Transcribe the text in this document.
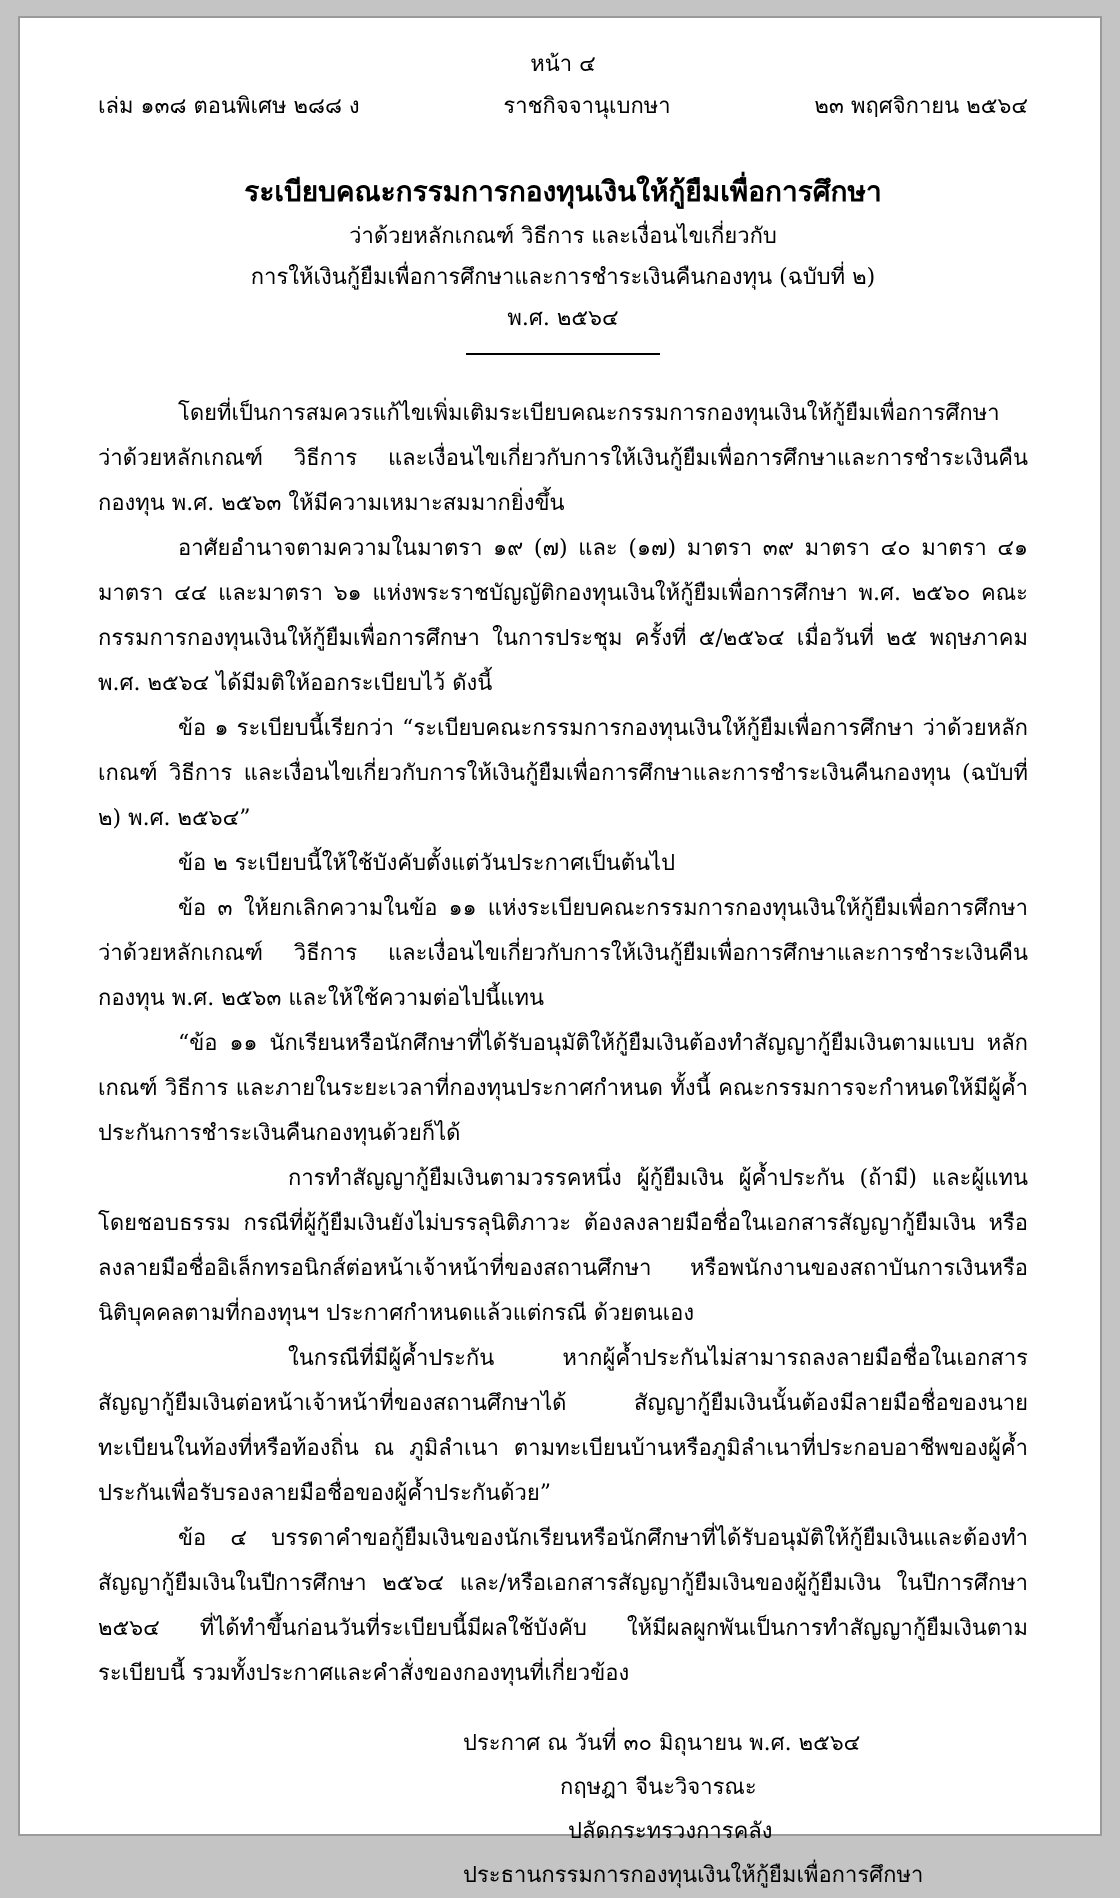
หน้า ๔
เล่ม ๑๓๘ ตอนพิเศษ ๒๘๘ ง	ราชกิจจานุเบกษา	๒๓ พฤศจิกายน ๒๕๖๔
ระเบียบคณะกรรมการกองทุนเงินให้กู้ยืมเพื่อการศึกษา
ว่าด้วยหลักเกณฑ์ วิธีการ และเงื่อนไขเกี่ยวกับ
การให้เงินกู้ยืมเพื่อการศึกษาและการชำระเงินคืนกองทุน (ฉบับที่ ๒)
พ.ศ. ๒๕๖๔

โดยที่เป็นการสมควรแก้ไขเพิ่มเติมระเบียบคณะกรรมการกองทุนเงินให้กู้ยืมเพื่อการศึกษา ว่าด้วยหลักเกณฑ์ วิธีการ และเงื่อนไขเกี่ยวกับการให้เงินกู้ยืมเพื่อการศึกษาและการชำระเงินคืนกองทุน พ.ศ. ๒๕๖๓ ให้มีความเหมาะสมมากยิ่งขึ้น

อาศัยอำนาจตามความในมาตรา ๑๙ (๗) และ (๑๗) มาตรา ๓๙ มาตรา ๔๐ มาตรา ๔๑ มาตรา ๔๔ และมาตรา ๖๑ แห่งพระราชบัญญัติกองทุนเงินให้กู้ยืมเพื่อการศึกษา พ.ศ. ๒๕๖๐ คณะกรรมการกองทุนเงินให้กู้ยืมเพื่อการศึกษา ในการประชุม ครั้งที่ ๕/๒๕๖๔ เมื่อวันที่ ๒๕ พฤษภาคม พ.ศ. ๒๕๖๔ ได้มีมติให้ออกระเบียบไว้ ดังนี้

ข้อ ๑ ระเบียบนี้เรียกว่า “ระเบียบคณะกรรมการกองทุนเงินให้กู้ยืมเพื่อการศึกษา ว่าด้วยหลักเกณฑ์ วิธีการ และเงื่อนไขเกี่ยวกับการให้เงินกู้ยืมเพื่อการศึกษาและการชำระเงินคืนกองทุน (ฉบับที่ ๒) พ.ศ. ๒๕๖๔”

ข้อ ๒ ระเบียบนี้ให้ใช้บังคับตั้งแต่วันประกาศเป็นต้นไป

ข้อ ๓ ให้ยกเลิกความในข้อ ๑๑ แห่งระเบียบคณะกรรมการกองทุนเงินให้กู้ยืมเพื่อการศึกษา ว่าด้วยหลักเกณฑ์ วิธีการ และเงื่อนไขเกี่ยวกับการให้เงินกู้ยืมเพื่อการศึกษาและการชำระเงินคืนกองทุน พ.ศ. ๒๕๖๓ และให้ใช้ความต่อไปนี้แทน

“ข้อ ๑๑ นักเรียนหรือนักศึกษาที่ได้รับอนุมัติให้กู้ยืมเงินต้องทำสัญญากู้ยืมเงินตามแบบ หลักเกณฑ์ วิธีการ และภายในระยะเวลาที่กองทุนประกาศกำหนด ทั้งนี้ คณะกรรมการจะกำหนดให้มีผู้ค้ำประกันการชำระเงินคืนกองทุนด้วยก็ได้

การทำสัญญากู้ยืมเงินตามวรรคหนึ่ง ผู้กู้ยืมเงิน ผู้ค้ำประกัน (ถ้ามี) และผู้แทนโดยชอบธรรม กรณีที่ผู้กู้ยืมเงินยังไม่บรรลุนิติภาวะ ต้องลงลายมือชื่อในเอกสารสัญญากู้ยืมเงิน หรือลงลายมือชื่ออิเล็กทรอนิกส์ต่อหน้าเจ้าหน้าที่ของสถานศึกษา หรือพนักงานของสถาบันการเงินหรือนิติบุคคลตามที่กองทุนฯ ประกาศกำหนดแล้วแต่กรณี ด้วยตนเอง

ในกรณีที่มีผู้ค้ำประกัน หากผู้ค้ำประกันไม่สามารถลงลายมือชื่อในเอกสารสัญญากู้ยืมเงินต่อหน้าเจ้าหน้าที่ของสถานศึกษาได้ สัญญากู้ยืมเงินนั้นต้องมีลายมือชื่อของนายทะเบียนในท้องที่หรือท้องถิ่น ณ ภูมิลำเนา ตามทะเบียนบ้านหรือภูมิลำเนาที่ประกอบอาชีพของผู้ค้ำประกันเพื่อรับรองลายมือชื่อของผู้ค้ำประกันด้วย”

ข้อ ๔ บรรดาคำขอกู้ยืมเงินของนักเรียนหรือนักศึกษาที่ได้รับอนุมัติให้กู้ยืมเงินและต้องทำสัญญากู้ยืมเงินในปีการศึกษา ๒๕๖๔ และ/หรือเอกสารสัญญากู้ยืมเงินของผู้กู้ยืมเงิน ในปีการศึกษา ๒๕๖๔ ที่ได้ทำขึ้นก่อนวันที่ระเบียบนี้มีผลใช้บังคับ ให้มีผลผูกพันเป็นการทำสัญญากู้ยืมเงินตามระเบียบนี้ รวมทั้งประกาศและคำสั่งของกองทุนที่เกี่ยวข้อง

ประกาศ ณ วันที่ ๓๐ มิถุนายน พ.ศ. ๒๕๖๔
กฤษฎา จีนะวิจารณะ
ปลัดกระทรวงการคลัง
ประธานกรรมการกองทุนเงินให้กู้ยืมเพื่อการศึกษา
